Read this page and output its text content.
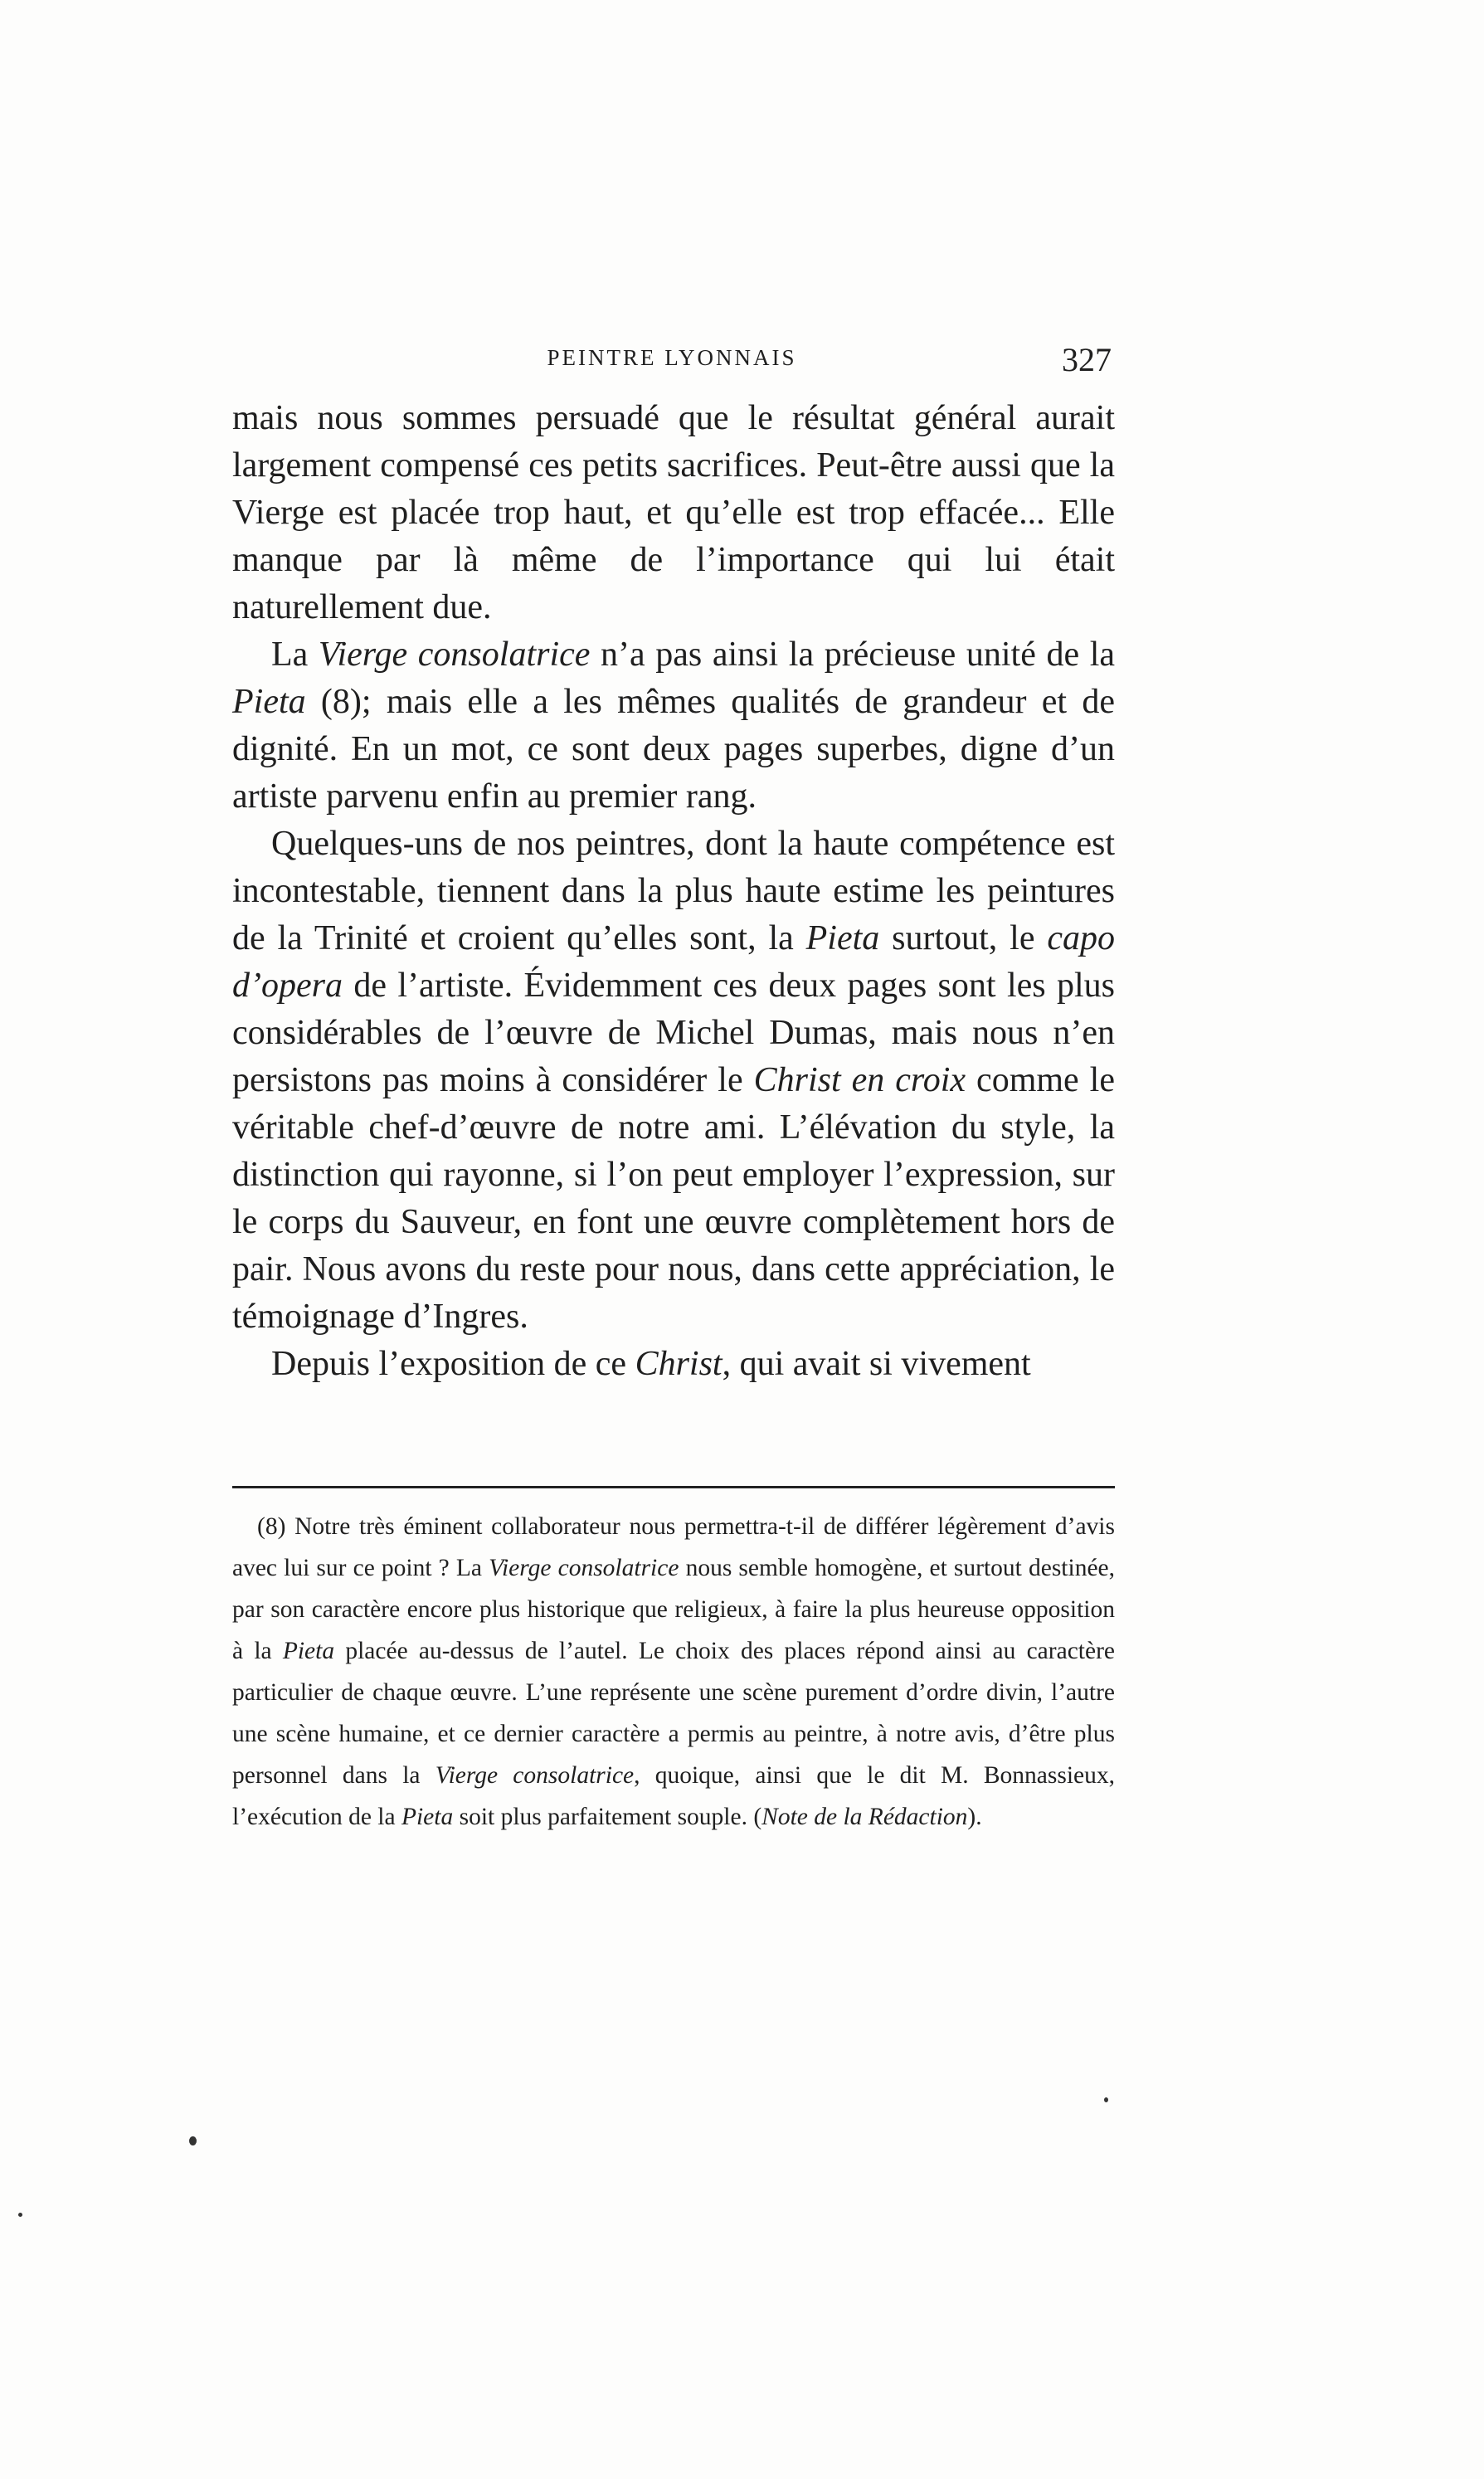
PEINTRE LYONNAIS	327

mais nous sommes persuadé que le résultat général aurait largement compensé ces petits sacrifices. Peut-être aussi que la Vierge est placée trop haut, et qu’elle est trop effacée... Elle manque par là même de l’importance qui lui était naturellement due.

La Vierge consolatrice n’a pas ainsi la précieuse unité de la Pieta (8); mais elle a les mêmes qualités de grandeur et de dignité. En un mot, ce sont deux pages superbes, digne d’un artiste parvenu enfin au premier rang.

Quelques-uns de nos peintres, dont la haute compétence est incontestable, tiennent dans la plus haute estime les peintures de la Trinité et croient qu’elles sont, la Pieta surtout, le capo d’opera de l’artiste. Évidemment ces deux pages sont les plus considérables de l’œuvre de Michel Dumas, mais nous n’en persistons pas moins à considérer le Christ en croix comme le véritable chef-d’œuvre de notre ami. L’élévation du style, la distinction qui rayonne, si l’on peut employer l’expression, sur le corps du Sauveur, en font une œuvre complètement hors de pair. Nous avons du reste pour nous, dans cette appréciation, le témoignage d’Ingres.

Depuis l’exposition de ce Christ, qui avait si vivement

(8) Notre très éminent collaborateur nous permettra-t-il de différer légèrement d’avis avec lui sur ce point ? La Vierge consolatrice nous semble homogène, et surtout destinée, par son caractère encore plus historique que religieux, à faire la plus heureuse opposition à la Pieta placée au-dessus de l’autel. Le choix des places répond ainsi au caractère particulier de chaque œuvre. L’une représente une scène purement d’ordre divin, l’autre une scène humaine, et ce dernier caractère a permis au peintre, à notre avis, d’être plus personnel dans la Vierge consolatrice, quoique, ainsi que le dit M. Bonnassieux, l’exécution de la Pieta soit plus parfaitement souple. (Note de la Rédaction).
